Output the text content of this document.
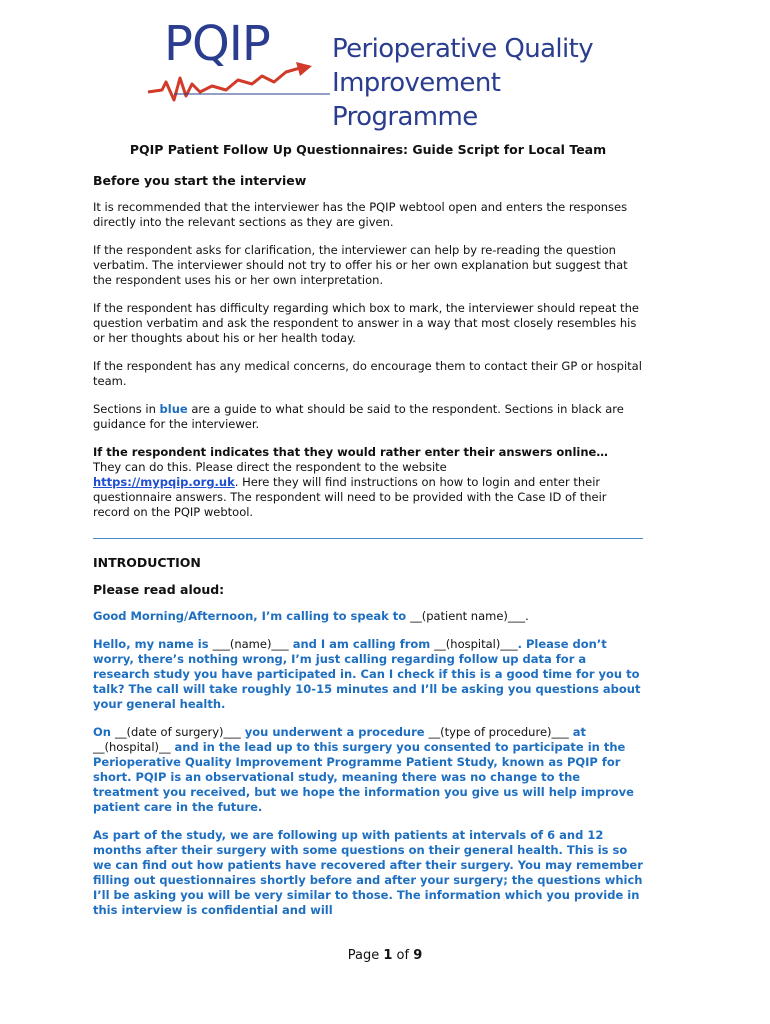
PQIP Perioperative Quality
Improvement Programme
PQIP Patient Follow Up Questionnaires: Guide Script for Local Team
Before you start the interview

It is recommended that the interviewer has the PQIP webtool open and enters the responses directly into the relevant sections as they are given.

If the respondent asks for clarification, the interviewer can help by re-reading the question verbatim. The interviewer should not try to offer his or her own explanation but suggest that the respondent uses his or her own interpretation.

If the respondent has difficulty regarding which box to mark, the interviewer should repeat the question verbatim and ask the respondent to answer in a way that most closely resembles his or her thoughts about his or her health today.

If the respondent has any medical concerns, do encourage them to contact their GP or hospital team.

Sections in blue are a guide to what should be said to the respondent. Sections in black are guidance for the interviewer.

If the respondent indicates that they would rather enter their answers online…

They can do this. Please direct the respondent to the website
https://mypqip.org.uk. Here they will find instructions on how to login and enter their questionnaire answers. The respondent will need to be provided with the Case ID of their record on the PQIP webtool.

INTRODUCTION
Please read aloud:

Good Morning/Afternoon, I’m calling to speak to __(patient name)___.

Hello, my name is ___(name)___ and I am calling from __(hospital)___. Please don’t worry, there’s nothing wrong, I’m just calling regarding follow up data for a research study you have participated in. Can I check if this is a good time for you to talk? The call will take roughly 10-15 minutes and I’ll be asking you questions about your general health.

On __(date of surgery)___ you underwent a procedure __(type of procedure)___ at __(hospital)__ and in the lead up to this surgery you consented to participate in the Perioperative Quality Improvement Programme Patient Study, known as PQIP for short. PQIP is an observational study, meaning there was no change to the treatment you received, but we hope the information you give us will help improve patient care in the future.

As part of the study, we are following up with patients at intervals of 6 and 12 months after their surgery with some questions on their general health. This is so we can find out how patients have recovered after their surgery. You may remember filling out questionnaires shortly before and after your surgery; the questions which I’ll be asking you will be very similar to those. The information which you provide in this interview is confidential and will

Page 1 of 9
